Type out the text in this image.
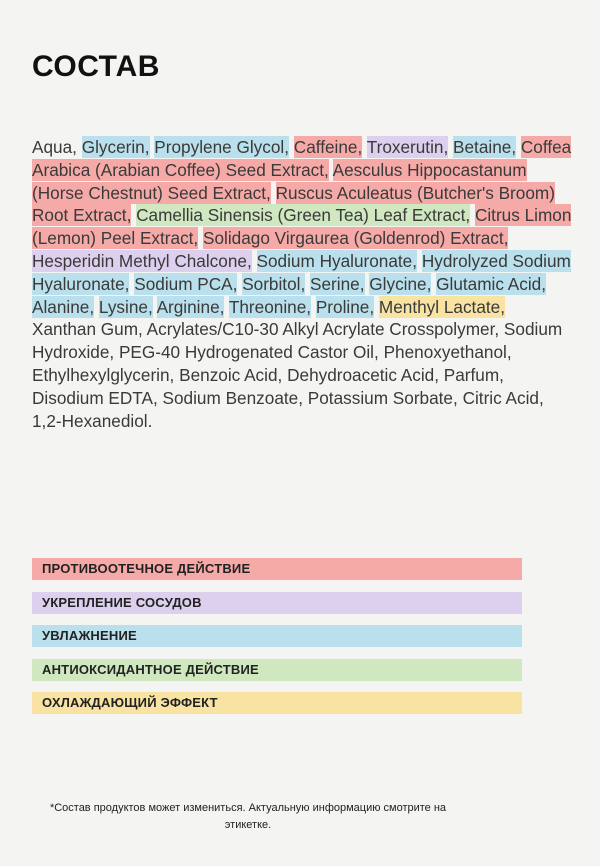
СОСТАВ
Aqua, Glycerin, Propylene Glycol, Caffeine, Troxerutin, Betaine, Coffea Arabica (Arabian Coffee) Seed Extract, Aesculus Hippocastanum (Horse Chestnut) Seed Extract, Ruscus Aculeatus (Butcher's Broom) Root Extract, Camellia Sinensis (Green Tea) Leaf Extract, Citrus Limon (Lemon) Peel Extract, Solidago Virgaurea (Goldenrod) Extract, Hesperidin Methyl Chalcone, Sodium Hyaluronate, Hydrolyzed Sodium Hyaluronate, Sodium PCA, Sorbitol, Serine, Glycine, Glutamic Acid, Alanine, Lysine, Arginine, Threonine, Proline, Menthyl Lactate, Xanthan Gum, Acrylates/C10-30 Alkyl Acrylate Crosspolymer, Sodium Hydroxide, PEG-40 Hydrogenated Castor Oil, Phenoxyethanol, Ethylhexylglycerin, Benzoic Acid, Dehydroacetic Acid, Parfum, Disodium EDTA, Sodium Benzoate, Potassium Sorbate, Citric Acid, 1,2-Hexanediol.
ПРОТИВООТЕЧНОЕ ДЕЙСТВИЕ
УКРЕПЛЕНИЕ СОСУДОВ
УВЛАЖНЕНИЕ
АНТИОКСИДАНТНОЕ ДЕЙСТВИЕ
ОХЛАЖДАЮЩИЙ ЭФФЕКТ
*Состав продуктов может измениться. Актуальную информацию смотрите на этикетке.
